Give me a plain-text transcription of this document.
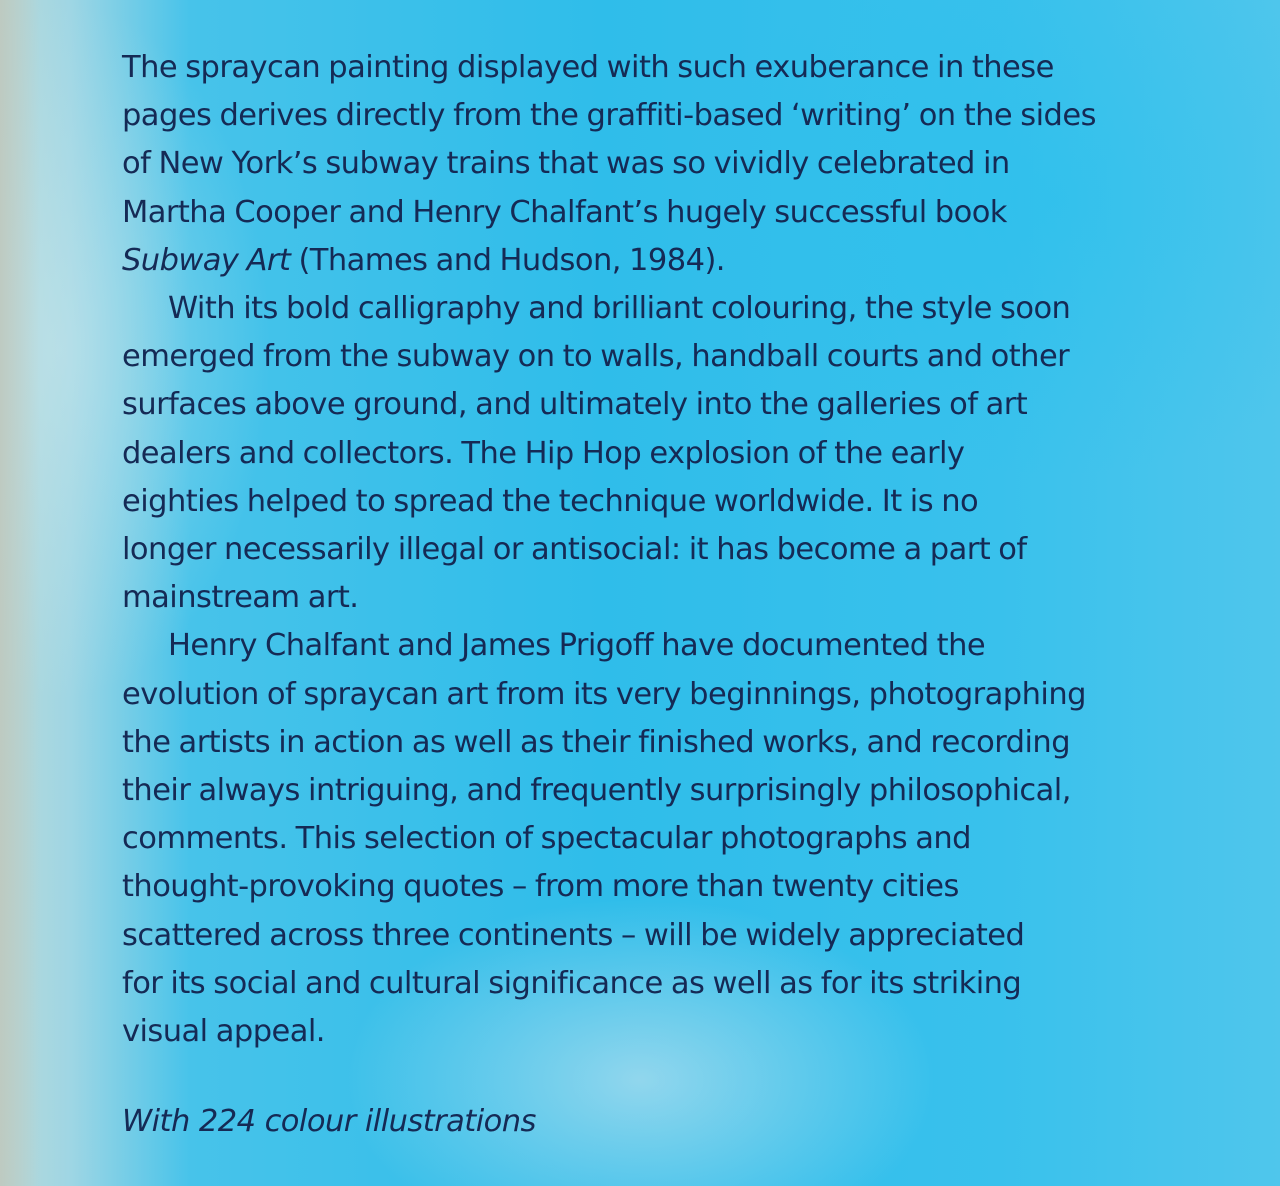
The spraycan painting displayed with such exuberance in these
pages derives directly from the graffiti-based ‘writing’ on the sides
of New York’s subway trains that was so vividly celebrated in
Martha Cooper and Henry Chalfant’s hugely successful book
Subway Art (Thames and Hudson, 1984).

With its bold calligraphy and brilliant colouring, the style soon
emerged from the subway on to walls, handball courts and other
surfaces above ground, and ultimately into the galleries of art
dealers and collectors. The Hip Hop explosion of the early
eighties helped to spread the technique worldwide. It is no
longer necessarily illegal or antisocial: it has become a part of
mainstream art.

Henry Chalfant and James Prigoff have documented the
evolution of spraycan art from its very beginnings, photographing
the artists in action as well as their finished works, and recording
their always intriguing, and frequently surprisingly philosophical,
comments. This selection of spectacular photographs and
thought-provoking quotes – from more than twenty cities
scattered across three continents – will be widely appreciated
for its social and cultural significance as well as for its striking
visual appeal.

With 224 colour illustrations
